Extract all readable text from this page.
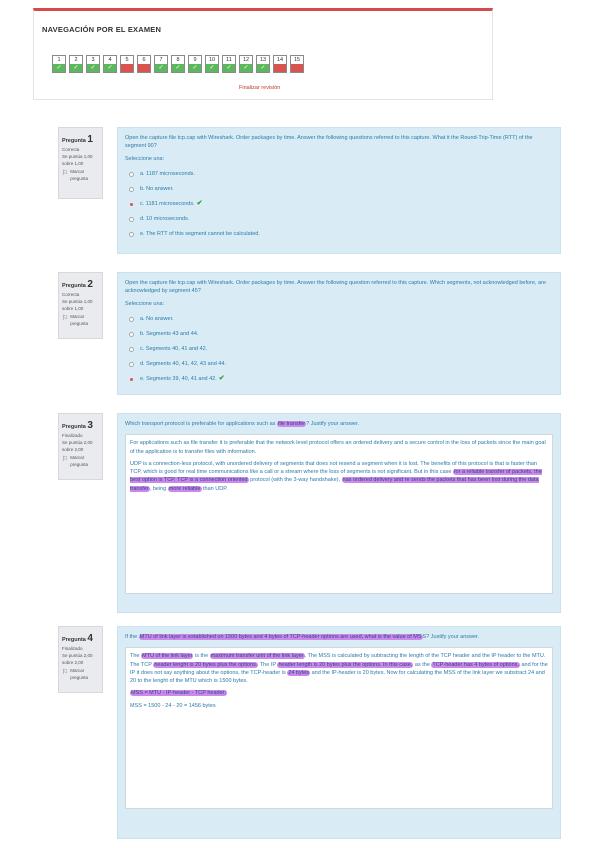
NAVEGACIÓN POR EL EXAMEN
1
✓
2
✓
3
✓
4
✓
5	6	7
✓
8
✓
9
✓
10
✓
11
✓
12
✓
13
✓
14	15
Finalizar revisión
Pregunta 1
Correcta
Se puntúa 1,00 sobre 1,00
⚐ Marcar pregunta

Open the capture file tcp.cap with Wireshark. Order packages by time. Answer the following questions referred to this capture. What it the Round-Trip-Time (RTT) of the segment 90?

Seleccione una:

a. 1187 microseconds.
b. No answer.
c. 1181 microseconds. ✔
d. 10 microseconds.
e. The RTT of this segment cannot be calculated.
Pregunta 2
Correcta
Se puntúa 1,00 sobre 1,00
⚐ Marcar pregunta

Open the capture file tcp.cap with Wireshark. Order packages by time. Answer the following question referred to this capture. Which segments, not acknowledged before, are acknowledged by segment 45?

Seleccione una:

a. No answer.
b. Segments 43 and 44.
c. Segments 40, 41 and 42.
d. Segments 40, 41, 42, 43 and 44.
e. Segments 39, 40, 41 and 42. ✔
Pregunta 3
Finalizado
Se puntúa 2,00 sobre 2,00
⚐ Marcar pregunta

Which transport protocol is preferable for applications such as file transfer? Justify your answer.

For applications such as file transfer it is preferable that the network level protocol offers an ordered delivery and a secure control in the loss of packets since the main goal of the application is to transfer files with information.

UDP is a connection-less protocol, with unordered delivery of segments that does not resend a segment when it is lost. The benefits of this protocol is that is faster than TCP, which is good for real time communications like a call or a stream where the loss of segments is not significant. But in this case for a reliable transfer of packets, the best option is TCP. TCP is a connection oriented protocol (with the 3-way handshake), has ordered delivery and re sends the packets that has been lost during the data transfer, being more reliable than UDP.

Pregunta 4
Finalizado
Se puntúa 2,00 sobre 2,00
⚐ Marcar pregunta

If the MTU of link layer is established on 1500 bytes and 4 bytes of TCP-header options are used, what is the value of MSS? Justify your answer.

The MTU of the link layer is the maximum transfer unit of the link layer. The MSS is calculated by subtracting the length of the TCP header and the IP header to the MTU. The TCP header lenght is 20 bytes plus the options. The IP header length is 20 bytes plus the options. In this case, as the TCP-header has 4 bytes of options, and for the IP it does not say anything about the options, the TCP-header is 24 bytes and the IP-header is 20 bytes. Now for calculating the MSS of the link layer we substract 24 and 20 to the lenght of the MTU which is 1500 bytes.

MSS = MTU - IP-header - TCP header;

MSS = 1500 - 24 - 20 = 1456 bytes
